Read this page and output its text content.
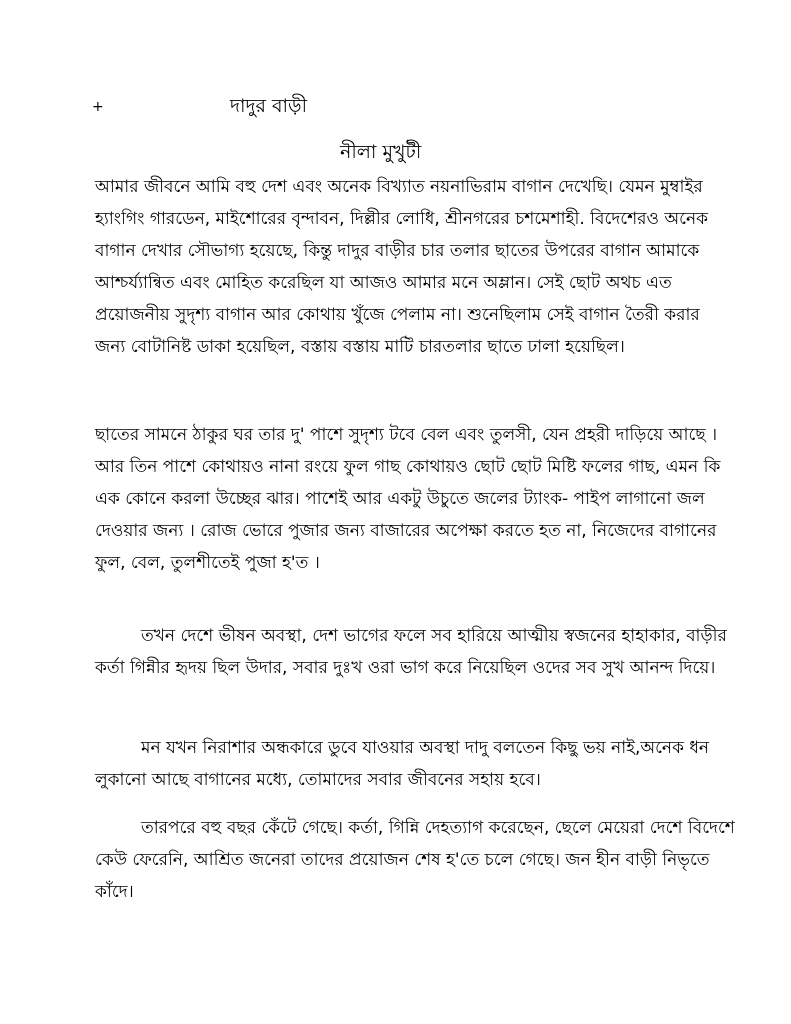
+	দাদুর বাড়ী
নীলা মুখুটী

আমার জীবনে আমি বহু দেশ এবং অনেক বিখ্যাত নয়নাভিরাম বাগান দেখেছি। যেমন মুম্বাইর হ্যাংগিং গারডেন, মাইশোরের বৃন্দাবন, দিল্লীর লোধি, শ্রীনগরের চশমেশাহী. বিদেশেরও অনেক বাগান দেখার সৌভাগ্য হয়েছে, কিন্তু দাদুর বাড়ীর চার তলার ছাতের উপরের বাগান আমাকে আশ্চর্য্যান্বিত এবং মোহিত করেছিল যা আজও আমার মনে অম্লান। সেই ছোট অথচ এত প্রয়োজনীয় সুদৃশ্য বাগান আর কোথায় খুঁজে পেলাম না। শুনেছিলাম সেই বাগান তৈরী করার জন্য বোটানিষ্ট ডাকা হয়েছিল, বস্তায় বস্তায় মাটি চারতলার ছাতে ঢালা হয়েছিল।

ছাতের সামনে ঠাকুর ঘর তার দু' পাশে সুদৃশ্য টবে বেল এবং তুলসী, যেন প্রহরী দাড়িয়ে আছে । আর তিন পাশে কোথায়ও নানা রংয়ে ফুল গাছ কোথায়ও ছোট ছোট মিষ্টি ফলের গাছ, এমন কি এক কোনে করলা উচ্ছের ঝার। পাশেই আর একটু উচুতে জলের ট্যাংক- পাইপ লাগানো জল দেওয়ার জন্য । রোজ ভোরে পুজার জন্য বাজারের অপেক্ষা করতে হত না, নিজেদের বাগানের ফুল, বেল, তুলশীতেই পুজা হ'ত ।

তখন দেশে ভীষন অবস্থা, দেশ ভাগের ফলে সব হারিয়ে আত্মীয় স্বজনের হাহাকার, বাড়ীর কর্তা গিন্নীর হৃদয় ছিল উদার, সবার দুঃখ ওরা ভাগ করে নিয়েছিল ওদের সব সুখ আনন্দ দিয়ে।

মন যখন নিরাশার অন্ধকারে ডুবে যাওয়ার অবস্থা দাদু বলতেন কিছু ভয় নাই,অনেক ধন লুকানো আছে বাগানের মধ্যে, তোমাদের সবার জীবনের সহায় হবে।

তারপরে বহু বছর কেঁটে গেছে। কর্তা, গিন্নি দেহত্যাগ করেছেন, ছেলে মেয়েরা দেশে বিদেশে কেউ ফেরেনি, আশ্রিত জনেরা তাদের প্রয়োজন শেষ হ'তে চলে গেছে। জন হীন বাড়ী নিভৃতে কাঁদে।
